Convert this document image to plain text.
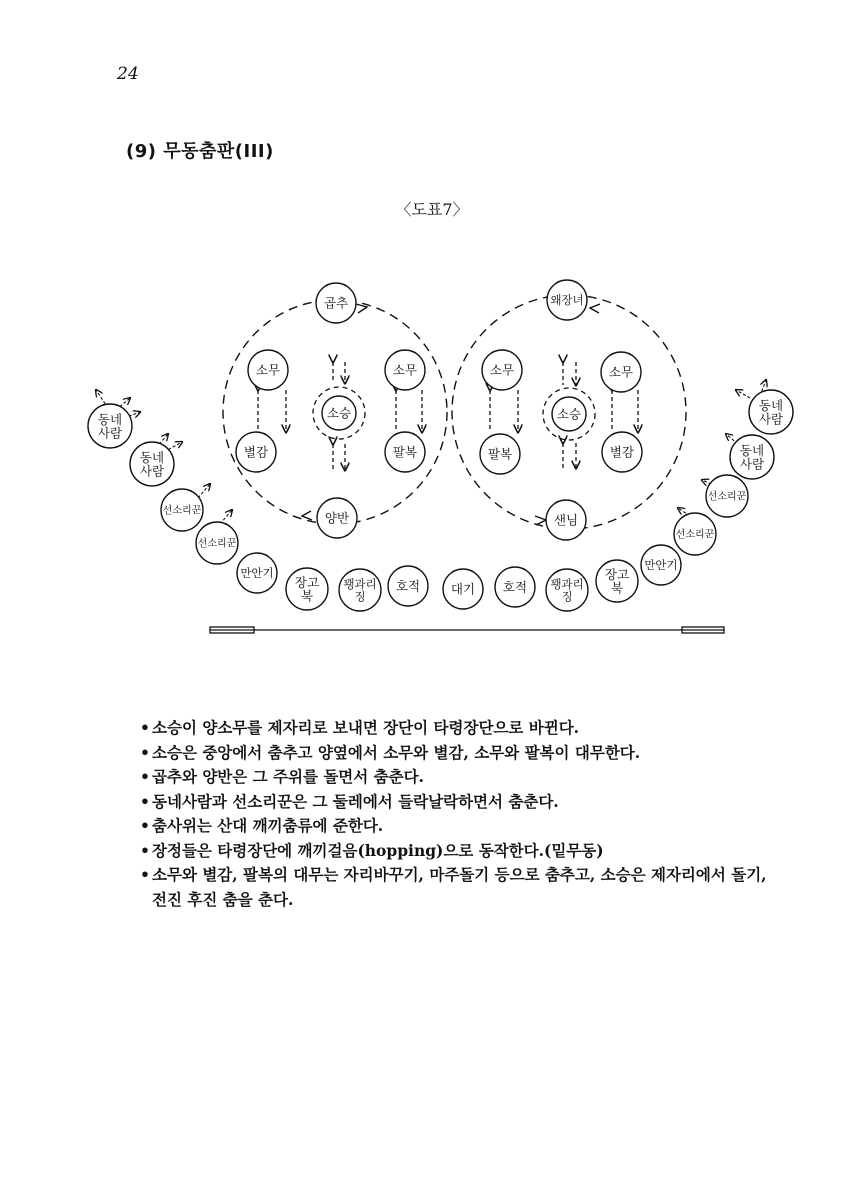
24
(9) 무동춤판(III)
〈도표7〉
곱추
소무
소승
소무
별감	팔복
양반
왜장녀
소무
소승
소무
팔복	별감
샌님
동네 사람
동네 사람
선소리꾼
선소리꾼
만안기
장고 북
꽹과리 징
호적 대기 호적 꽹과리 징
장고 북
만안기
선소리꾼
선소리꾼
동네 사람
동네 사람
• 소승이 양소무를 제자리로 보내면 장단이 타령장단으로 바뀐다.
• 소승은 중앙에서 춤추고 양옆에서 소무와 별감, 소무와 팔복이 대무한다.
• 곱추와 양반은 그 주위를 돌면서 춤춘다.
• 동네사람과 선소리꾼은 그 둘레에서 들락날락하면서 춤춘다.
• 춤사위는 산대 깨끼춤류에 준한다.
• 장정들은 타령장단에 깨끼걸음(hopping)으로 동작한다.(밑무동)
• 소무와 별감, 팔복의 대무는 자리바꾸기, 마주돌기 등으로 춤추고, 소승은 제자리에서 돌기, 전진 후진 춤을 춘다.
